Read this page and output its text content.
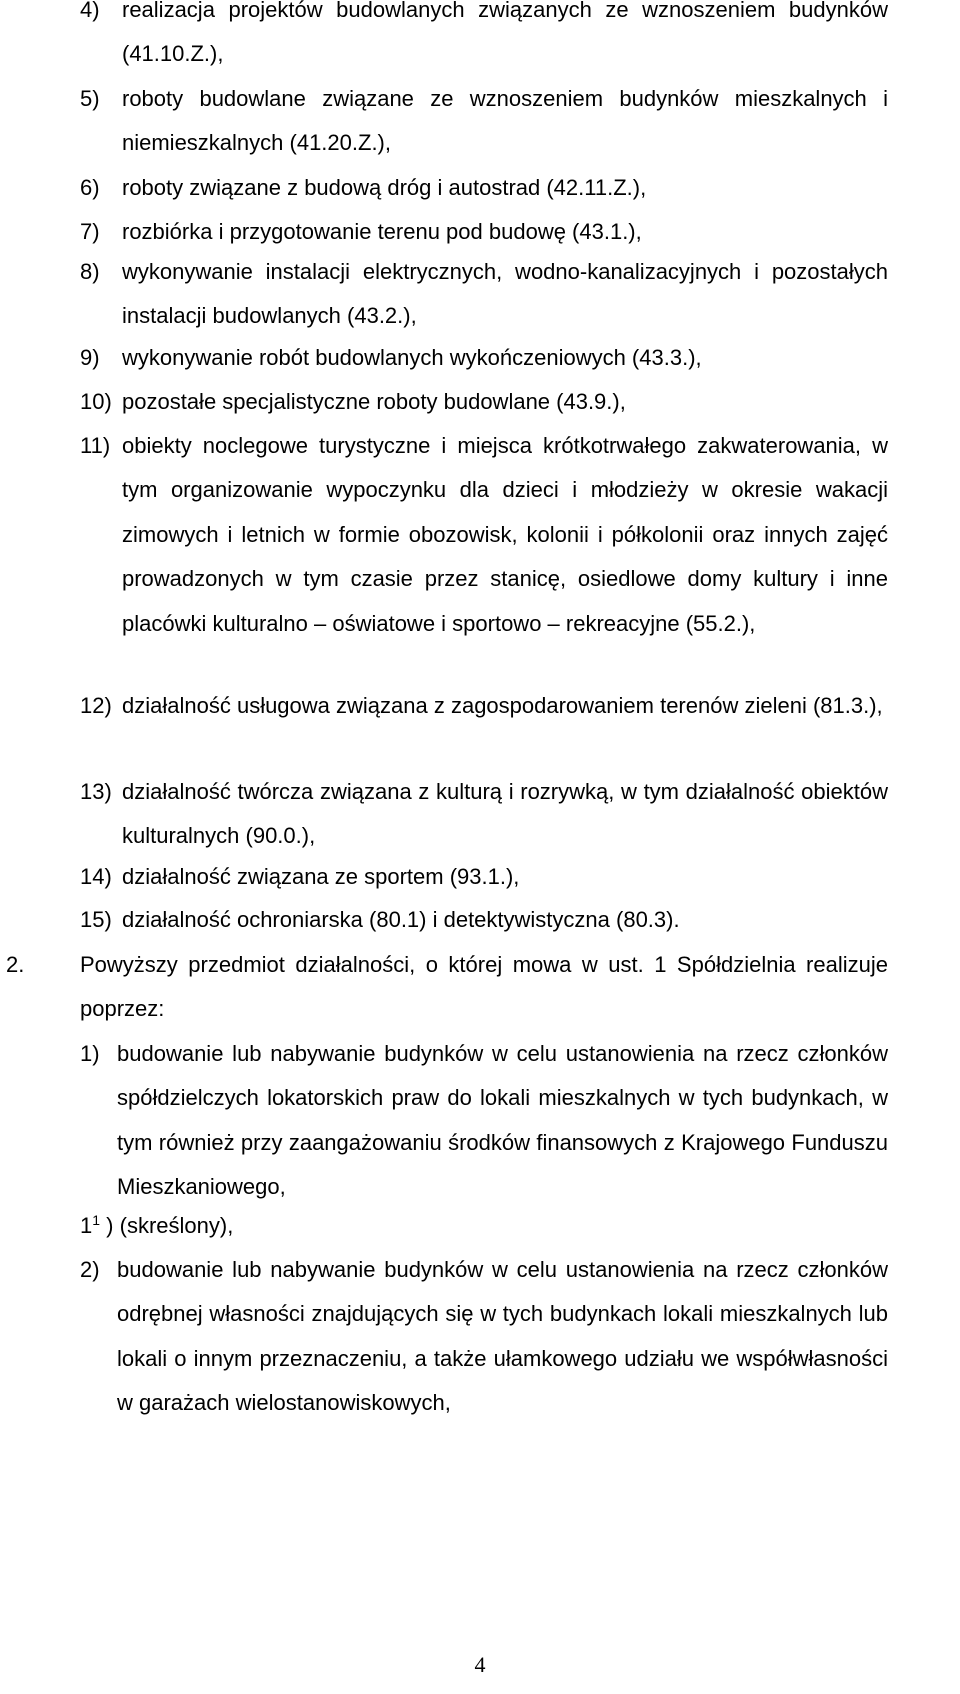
4)	realizacja projektów budowlanych związanych ze wznoszeniem budynków (41.10.Z.),
5)	roboty budowlane związane ze wznoszeniem budynków mieszkalnych i niemieszkalnych (41.20.Z.),
6)	roboty związane z budową dróg i autostrad (42.11.Z.),
7)	rozbiórka i przygotowanie terenu pod budowę (43.1.),
8)	wykonywanie instalacji elektrycznych, wodno-kanalizacyjnych i pozostałych instalacji budowlanych (43.2.),
9)	wykonywanie robót budowlanych wykończeniowych (43.3.),
10) pozostałe specjalistyczne roboty budowlane (43.9.),
11) obiekty noclegowe turystyczne i miejsca krótkotrwałego zakwaterowania, w tym organizowanie wypoczynku dla dzieci i młodzieży w okresie wakacji zimowych i letnich w formie obozowisk, kolonii i półkolonii oraz innych zajęć prowadzonych w tym czasie przez stanicę, osiedlowe domy kultury i inne placówki kulturalno – oświatowe i sportowo – rekreacyjne (55.2.),
12) działalność usługowa związana z zagospodarowaniem terenów zieleni (81.3.),
13) działalność twórcza związana z kulturą i rozrywką, w tym działalność obiektów kulturalnych (90.0.),
14) działalność związana ze sportem (93.1.),
15) działalność ochroniarska (80.1) i detektywistyczna (80.3).
2.	Powyższy przedmiot działalności, o której mowa w ust. 1 Spółdzielnia realizuje poprzez:
1) budowanie lub nabywanie budynków w celu ustanowienia na rzecz członków spółdzielczych lokatorskich praw do lokali mieszkalnych w tych budynkach, w tym również przy zaangażowaniu środków finansowych z Krajowego Funduszu Mieszkaniowego,
$1^1$ ) (skreślony),
2) budowanie lub nabywanie budynków w celu ustanowienia na rzecz członków odrębnej własności znajdujących się w tych budynkach lokali mieszkalnych lub lokali o innym przeznaczeniu, a także ułamkowego udziału we współwłasności w garażach wielostanowiskowych,
4
